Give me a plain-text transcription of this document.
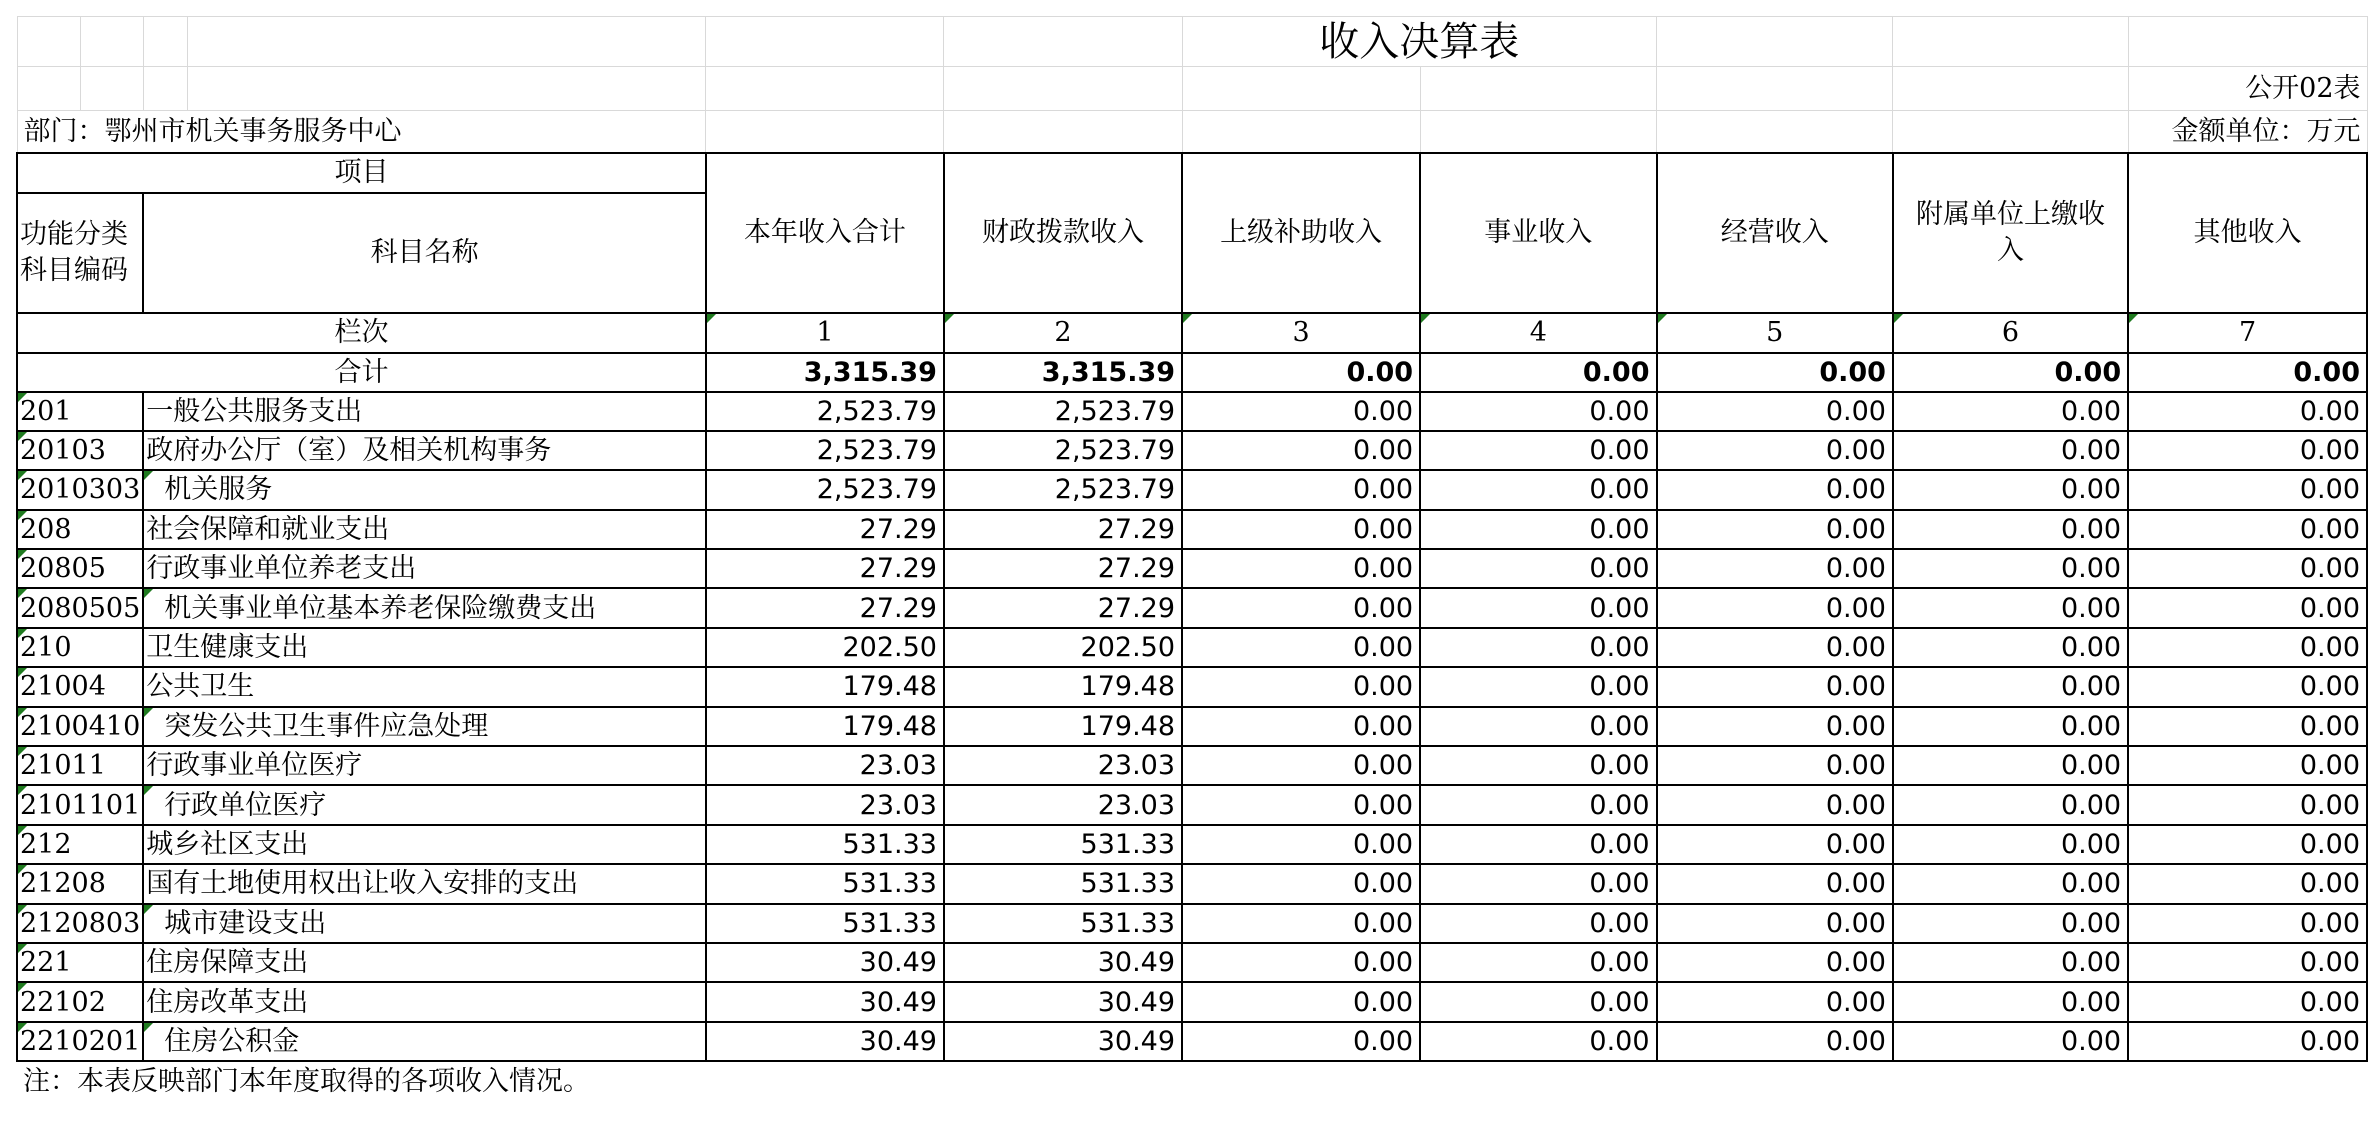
						收入决算表				
										公开02表
部门：鄂州市机关事务服务中心										金额单位：万元
项目				本年收入合计	财政拨款收入	上级补助收入	事业收入	经营收入	附属单位上缴收入	其他收入
功能分类科目编码		科目名称								
栏次				1	2	3	4	5	6	7
合计				3,315.39	3,315.39	0.00	0.00	0.00	0.00	0.00
201		一般公共服务支出		2,523.79	2,523.79	0.00	0.00	0.00	0.00	0.00
20103		政府办公厅（室）及相关机构事务		2,523.79	2,523.79	0.00	0.00	0.00	0.00	0.00
2010303		机关服务		2,523.79	2,523.79	0.00	0.00	0.00	0.00	0.00
208		社会保障和就业支出		27.29	27.29	0.00	0.00	0.00	0.00	0.00
20805		行政事业单位养老支出		27.29	27.29	0.00	0.00	0.00	0.00	0.00
2080505		机关事业单位基本养老保险缴费支出		27.29	27.29	0.00	0.00	0.00	0.00	0.00
210		卫生健康支出		202.50	202.50	0.00	0.00	0.00	0.00	0.00
21004		公共卫生		179.48	179.48	0.00	0.00	0.00	0.00	0.00
2100410		突发公共卫生事件应急处理		179.48	179.48	0.00	0.00	0.00	0.00	0.00
21011		行政事业单位医疗		23.03	23.03	0.00	0.00	0.00	0.00	0.00
2101101		行政单位医疗		23.03	23.03	0.00	0.00	0.00	0.00	0.00
212		城乡社区支出		531.33	531.33	0.00	0.00	0.00	0.00	0.00
21208		国有土地使用权出让收入安排的支出		531.33	531.33	0.00	0.00	0.00	0.00	0.00
2120803		城市建设支出		531.33	531.33	0.00	0.00	0.00	0.00	0.00
221		住房保障支出		30.49	30.49	0.00	0.00	0.00	0.00	0.00
22102		住房改革支出		30.49	30.49	0.00	0.00	0.00	0.00	0.00
2210201		住房公积金		30.49	30.49	0.00	0.00	0.00	0.00	0.00
注：本表反映部门本年度取得的各项收入情况。										
